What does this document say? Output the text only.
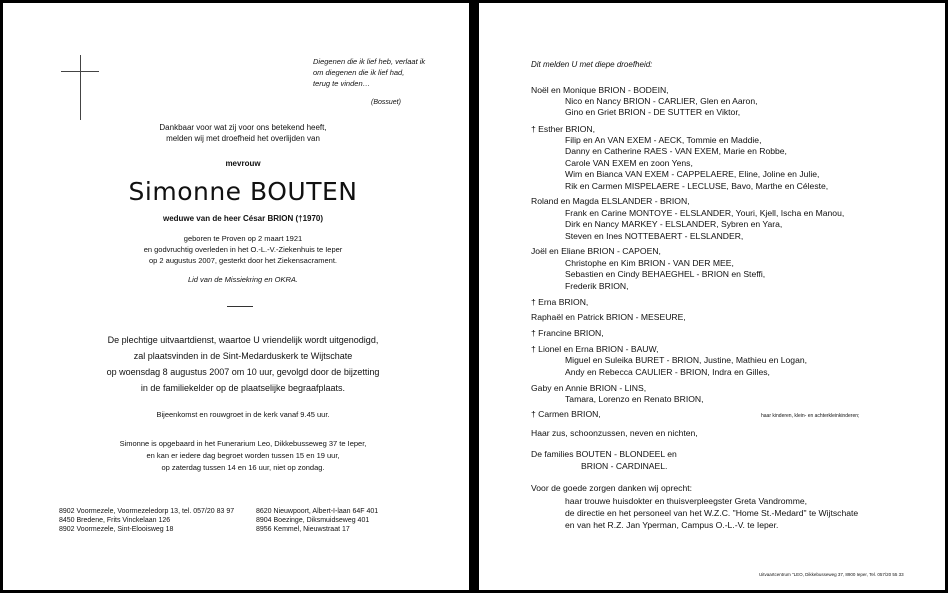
Diegenen die ik lief heb, verlaat ik
om diegenen die ik lief had,
terug te vinden…
(Bossuet)
Dankbaar voor wat zij voor ons betekend heeft,
melden wij met droefheid het overlijden van
mevrouw
Simonne BOUTEN
weduwe van de heer César BRION (†1970)
geboren te Proven op 2 maart 1921
en godvruchtig overleden in het O.-L.-V.-Ziekenhuis te Ieper
op 2 augustus 2007, gesterkt door het Ziekensacrament.
Lid van de Missiekring en OKRA.
De plechtige uitvaartdienst, waartoe U vriendelijk wordt uitgenodigd,
zal plaatsvinden in de Sint-Medarduskerk te Wijtschate
op woensdag 8 augustus 2007 om 10 uur, gevolgd door de bijzetting
in de familiekelder op de plaatselijke begraafplaats.
Bijeenkomst en rouwgroet in de kerk vanaf 9.45 uur.
Simonne is opgebaard in het Funerarium Leo, Dikkebusseweg 37 te Ieper,
en kan er iedere dag begroet worden tussen 15 en 19 uur,
op zaterdag tussen 14 en 16 uur, niet op zondag.
8902 Voormezele, Voormezeledorp 13, tel. 057/20 83 97
8450 Bredene, Frits Vinckelaan 126
8902 Voormezele, Sint-Elooisweg 18
8620 Nieuwpoort, Albert-I-laan 64F 401
8904 Boezinge, Diksmuidseweg 401
8956 Kemmel, Nieuwstraat 17
Dit melden U met diepe droefheid:
Noël en Monique BRION - BODEIN,
Nico en Nancy BRION - CARLIER, Glen en Aaron,
Gino en Griet BRION - DE SUTTER en Viktor,
† Esther BRION,
Filip en An VAN EXEM - AECK, Tommie en Maddie,
Danny en Catherine RAES - VAN EXEM, Marie en Robbe,
Carole VAN EXEM en zoon Yens,
Wim en Bianca VAN EXEM - CAPPELAERE, Eline, Joline en Julie,
Rik en Carmen MISPELAERE - LECLUSE, Bavo, Marthe en Céleste,
Roland en Magda ELSLANDER - BRION,
Frank en Carine MONTOYE - ELSLANDER, Youri, Kjell, Ischa en Manou,
Dirk en Nancy MARKEY - ELSLANDER, Sybren en Yara,
Steven en Ines NOTTEBAERT - ELSLANDER,
Joël en Eliane BRION - CAPOEN,
Christophe en Kim BRION - VAN DER MEE,
Sebastien en Cindy BEHAEGHEL - BRION en Steffi,
Frederik BRION,
† Erna BRION,
Raphaël en Patrick BRION - MESEURE,
† Francine BRION,
† Lionel en Erna BRION - BAUW,
Miguel en Suleika BURET - BRION, Justine, Mathieu en Logan,
Andy en Rebecca CAULIER - BRION, Indra en Gilles,
Gaby en Annie BRION - LINS,
Tamara, Lorenzo en Renato BRION,
† Carmen BRION,	haar kinderen, klein- en achterkleinkinderen;
Haar zus, schoonzussen, neven en nichten,
De families BOUTEN - BLONDEEL en
BRION - CARDINAEL.
Voor de goede zorgen danken wij oprecht:
haar trouwe huisdokter en thuisverpleegster Greta Vandromme,
de directie en het personeel van het W.Z.C. "Home St.-Medard" te Wijtschate
en van het R.Z. Jan Yperman, Campus O.-L.-V. te Ieper.
Uitvaartcentrum "LEO, Dikkebusseweg 37, 8900 Ieper, Tel. 057/20 55 33
